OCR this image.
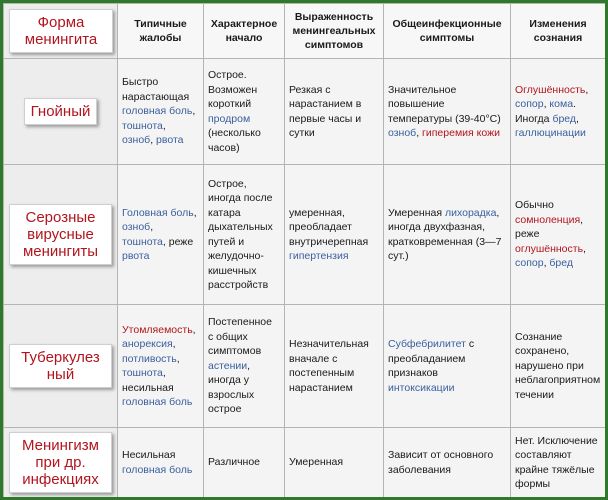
Форма менингита	Типичные жалобы	Характерное начало	Выраженность менингеальных симптомов	Общеинфекционные симптомы	Изменения сознания
Гнойный	Быстро нарастающая головная боль, тошнота, озноб, рвота	Острое. Возможен короткий продром (несколько часов)	Резкая с нарастанием в первые часы и сутки	Значительное повышение температуры (39-40°С) озноб, гиперемия кожи	Оглушённость, сопор, кома. Иногда бред, галлюцинации
Серозные вирусные менингиты	Головная боль, озноб, тошнота, реже рвота	Острое, иногда после катара дыхательных путей и желудочно-кишечных расстройств	умеренная, преобладает внутричерепная гипертензия	Умеренная лихорадка, иногда двухфазная, кратковременная (3—7 сут.)	Обычно сомноленция, реже оглушённость, сопор, бред
Туберкулез ный	Утомляемость, анорексия, потливость, тошнота, несильная головная боль	Постепенное с общих симптомов астении, иногда у взрослых острое	Незначительная вначале с постепенным нарастанием	Субфебрилитет с преобладанием признаков интоксикации	Сознание сохранено, нарушено при неблагоприятном течении
Менингизм при др. инфекциях	Несильная головная боль	Различное	Умеренная	Зависит от основного заболевания	Нет. Исключение составляют крайне тяжёлые формы
